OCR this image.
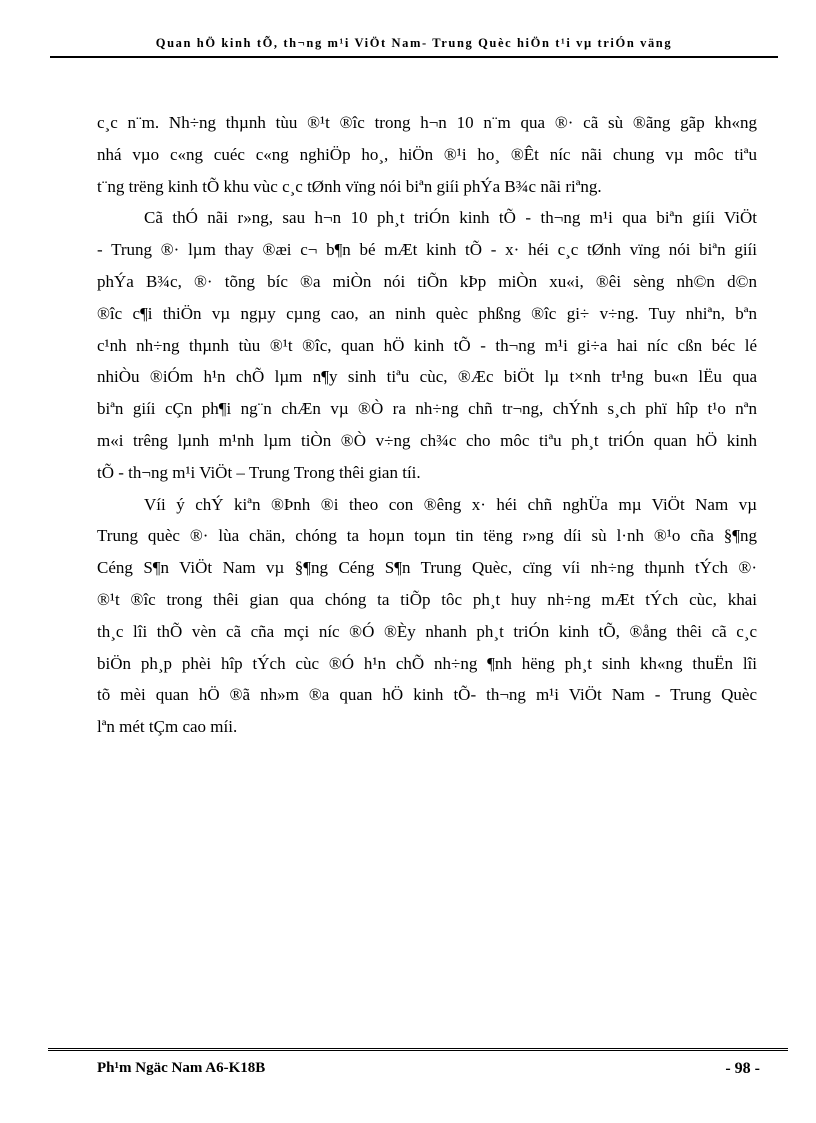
Quan hÖ kinh tÕ, th¬ng m¹i ViÖt Nam- Trung Quèc hiÖn t¹i vµ triÓn väng
c¸c n¨m. Nh÷ng thµnh tùu ®¹t ®îc trong h¬n 10 n¨m qua ®· cã sù ®ãng gãp kh«ng
nhá vµo c«ng cuéc c«ng nghiÖp ho¸, hiÖn ®¹i ho¸ ®Êt níc nãi chung vµ môc tiªu
t¨ng trëng kinh tÕ khu vùc c¸c tØnh vïng nói biªn giíi phÝa B¾c nãi riªng.
Cã thÓ nãi r»ng, sau h¬n 10 ph¸t triÓn kinh tÕ - th¬ng m¹i qua biªn giíi ViÖt
- Trung ®· lµm thay ®æi c¬ b¶n bé mÆt kinh tÕ - x· héi c¸c tØnh vïng nói biªn giíi
phÝa B¾c, ®· tõng bíc ®a miÒn nói tiÕn kÞp miÒn xu«i, ®êi sèng nh©n d©n
®îc c¶i thiÖn vµ ngµy cµng cao, an ninh quèc phßng ®îc gi÷ v÷ng. Tuy nhiªn, bªn
c¹nh nh÷ng thµnh tùu ®¹t ®îc, quan hÖ kinh tÕ - th¬ng m¹i gi÷a hai níc cßn béc lé
nhiÒu ®iÓm h¹n chÕ lµm n¶y sinh tiªu cùc, ®Æc biÖt lµ t×nh tr¹ng bu«n lËu qua
biªn giíi cÇn ph¶i ng¨n chÆn vµ ®Ò ra nh÷ng chñ tr¬ng, chÝnh s¸ch phï hîp t¹o nªn
m«i trêng lµnh m¹nh lµm tiÒn ®Ò v÷ng ch¾c cho môc tiªu ph¸t triÓn quan hÖ kinh
tÕ - th¬ng m¹i ViÖt – Trung Trong thêi gian tíi.
Víi ý chÝ kiªn ®Þnh ®i theo con ®êng x· héi chñ nghÜa mµ ViÖt Nam vµ
Trung quèc ®· lùa chän, chóng ta hoµn toµn tin tëng r»ng díi sù l·nh ®¹o cña §¶ng
Céng S¶n ViÖt Nam vµ §¶ng Céng S¶n Trung Quèc, cïng víi nh÷ng thµnh tÝch ®·
®¹t ®îc trong thêi gian qua chóng ta tiÕp tôc ph¸t huy nh÷ng mÆt tÝch cùc, khai
th¸c lîi thÕ vèn cã cña mçi níc ®Ó ®Èy nhanh ph¸t triÓn kinh tÕ, ®ång thêi cã c¸c
biÖn ph¸p phèi hîp tÝch cùc ®Ó h¹n chÕ nh÷ng ¶nh hëng ph¸t sinh kh«ng thuËn lîi
tõ mèi quan hÖ ®ã nh»m ®a quan hÖ kinh tÕ- th¬ng m¹i ViÖt Nam - Trung Quèc
lªn mét tÇm cao míi.
Ph¹m Ngäc Nam A6-K18B	- 98 -
